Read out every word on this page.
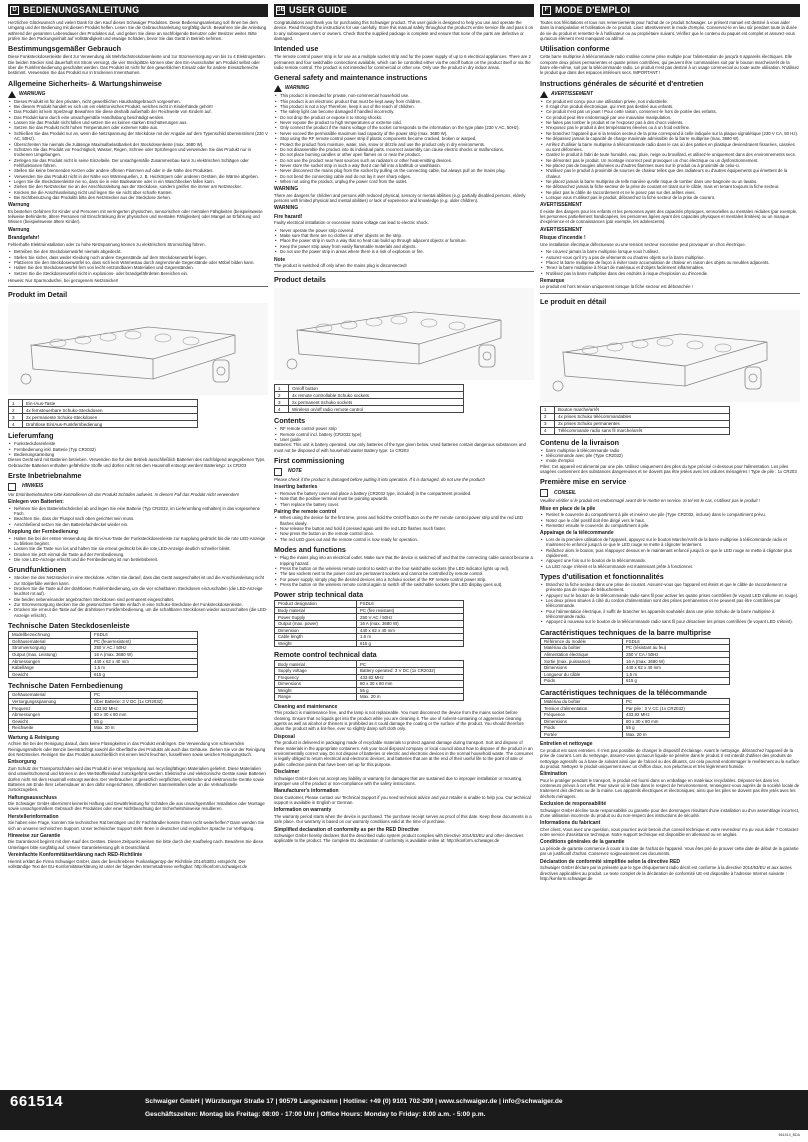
D BEDIENUNGSANLEITUNG

Herzlichen Glückwunsch und vielen Dank für den Kauf dieses Schwaiger Produktes. Diese Bedienungsanleitung soll Ihnen bei dem Umgang und der Bedienung mit diesem Produkt helfen. Lesen Sie die Gebrauchsanleitung sorgfältig durch. Bewahren Sie die Anleitung während der gesamten Lebensdauer des Produktes auf, und geben Sie diese an nachfolgende Benutzer oder Besitzer weiter. Bitte prüfen Sie den Packungsinhalt auf Vollständigkeit und etwaige Schäden, bevor Sie das Gerät in Betrieb nehmen.

Bestimmungsgemäßer Gebrauch

Diese Funksteckdosenleiste dient zur Verwendung als Mehrfachsteckdosenleiste und zur Stromversorgung von bis zu 4 Elektrogeräten. Die beiden Stecker sind dauerhaft mit Strom versorgt, die vier Steckplätze können über den Ein-/Ausschalter am Produkt selbst oder über die Funkfernbedienung geschaltet werden. Das Produkt ist nicht für den gewerblichen Einsatz oder für andere Einsatzbereiche bestimmt. Verwenden Sie das Produkt nur in trockenen Innenräumen.

Allgemeine Sicherheits- & Wartungshinweise
WARNUNG
• Dieses Produkt ist für den privaten, nicht gewerblichen Haushaltsgebrauch vorgesehen.
• Bei diesem Produkt handelt es sich um ein elektronisches Produkt, welches nicht in Kinderhände gehört!
• Das Produkt ist kein Spielzeug! Bewahren Sie diese deshalb außerhalb der Reichweite von Kindern auf.
• Das Produkt kann durch eine unsachgemäße Handhabung beschädigt werden.
• Lassen Sie das Produkt nicht fallen und setzen Sie es keinen starken Erschütterungen aus.
• Setzen Sie das Produkt nicht hohen Temperaturen oder extremer Kälte aus.
• Schließen Sie das Produkt nur an, wenn die Netzspannung der Steckdose mit der Angabe auf dem Typenschild übereinstimmt (230 V AC, 50Hz).
• Überschreiten Sie niemals die zulässige Maximalbelastbarkeit der Steckdosenleiste (max. 3680 W).
• Schützen Sie das Produkt vor Feuchtigkeit, Wasser, Regen, Schnee oder Sprühregen und verwenden Sie das Produkt nur in trockenen Umgebungen.
• Zerlegen Sie das Produkt nicht in seine Einzelteile. Der unsachgemäße Zusammenbau kann zu elektrischen Schlägen oder Fehlfunktionen führen.
• Stellen Sie keine brennenden Kerzen oder andere offenen Flammen auf oder in die Nähe des Produktes.
• Verwenden Sie das Produkt nicht in der Nähe von Wärmequellen, z. B. Heizkörpern oder anderen Geräten, die Wärme abgeben.
• Legen Sie die Steckdosenleiste nie so, dass sie in eine Badewanne oder in ein Waschbecken fallen kann.
• Ziehen Sie den Netzstecker nie an der Anschlussleitung aus der Steckdose, sondern greifen Sie immer am Netzstecker.
• Knicken Sie die Anschlussleitung nicht und legen Sie sie nicht über scharfe Kanten.
• Bei Nichtbenutzung das Produkts bitte den Netzstecker aus der Steckdose ziehen.
Warnung

Es bestehen Gefahren für Kinder und Personen mit verringerten physischen, sensorischen oder mentalen Fähigkeiten (beispielsweise teilweise Behinderte, ältere Personen mit Einschränkung ihrer physischen und mentalen Fähigkeiten) oder Mangel an Erfahrung und Wissen (beispielsweise ältere Kinder).

Warnung
Brandgefahr!

Fehlerhafte Elektroinstallation oder zu hohe Netzspannung können zu elektrischem Stromschlag führen.

• Betreiben Sie den Steckdosenwürfel niemals abgedeckt.
• Stellen Sie sicher, dass weder Kleidung noch andere Gegenstände auf dem Steckdosenwürfel liegen.
• Platzieren Sie den Steckdosenwürfel so, dass sich kein Wärmestau durch angrenzende Gegenstände oder Möbel bilden kann.
• Halten Sie den Steckdosenwürfel fern von leicht entzündbaren Materialien und Gegenständen.
• Setzen Sie die Steckdosenwürfel nicht in explosions- oder brandgefährdeten Bereichen ein.

Hinweis: Nur Sparmodusfrei, bei gezogenem Netzstecker!

Produkt im Detail
1	Ein-/Aus-Taste
2	4x fernsteuerbare Schuko-Steckdosen
3	2x permanente Schuko-Steckdosen
4	Drahtlose Ein/Aus-Funkfernbedienung
Lieferumfang
• Funksteckdosenleiste
• Fernbedienung inkl. Batterie (Typ CR2032)
• Bedienungsanleitung

Dieses Gerät wird mit Batterien betrieben. Verwenden Sie für den Betrieb ausschließlich Batterien des nachfolgend angegebenen Typs. Gebrauchte Batterien enthalten gefährliche Stoffe und dürfen nicht mit dem Hausmüll entsorgt werden! Batterietyp: 1x CR203

Erste Inbetriebnahme
HINWEIS

Vor Erstinbetriebnahme bitte kontrollieren ob das Produkt Schäden aufweist. In diesem Fall das Produkt nicht verwenden!

Einlegen von Batterien:
• Nehmen Sie den Batteriefachdeckel ab und legen Sie eine Batterie (Typ CR2032, im Lieferumfang enthalten) in das vorgesehene Fach.
• Beachten Sie, dass der Pluspol nach oben gerichtet sein muss.
• Anschließend setzen Sie den Batteriefachdeckel wieder ein.
Kopplung der Fernbedienung
• Halten Sie bei der ersten Verwendung die Ein-/Aus-Taste der Funksteckdosenleiste zur Kopplung gedrückt bis die rote LED-Anzeige zu blinken beginnt.
• Lassen Sie die Taste nun los und halten Sie sie erneut gedrückt bis die rote LED-Anzeige deutlich schneller blinkt.
• Drücken Sie jetzt einmal die Taste auf der Fernbedienung.
• Die rote LED-Anzeige erlischt und die Fernbedienung ist nun betriebsbereit.
Grundfunktionen
• Stecken Sie den Netzstecker in eine Steckdose. Achten Sie darauf, dass das Gerät ausgeschaltet ist und die Anschlussleitung nicht zur Stolperfalle werden kann.
• Drücken Sie die Taste auf der drahtlosen Funkfernbedienung, um die vier schaltbaren Steckdosen einzuschalten (die LED-Anzeige leuchtet rot auf).
• Die beiden nebeneinander angebrachten Steckdosen sind permanent eingeschaltet.
• Zur Stromversorgung stecken Sie die gewünschten Geräte einfach in eine Schuko-Steckdose der Funksteckdosenleiste.
• Drücken Sie erneut die Taste auf der drahtlosen Funkfernbedienung, um die schaltbaren Steckdosen wieder auszuschalten (die LED-Anzeige erlischt).
Technische Daten Steckdosenleiste
Modellbezeichnung	FSDL6
Gehäusematerial	PC (feuerresistent)
Stromversorgung	250 V AC / 50Hz
Output (max. Leistung)	16 A (max. 3680 W)
Abmessungen	440 x 62 x 40 mm
Kabellänge	1,5 m
Gewicht	615 g
Technische Daten Fernbedienung
Gehäusematerial	PC
Versorgungsspannung	Über Batterie: 3 V DC (1x CR2032)
Frequenz	433,92 MHz
Abmessungen	80 x 30 x 80 mm
Gewicht	55 g
Reichweite	Max. 20 m
Wartung & Reinigung

Achten Sie bei der Reinigung darauf, dass keine Flüssigkeiten in das Produkt eindringen. Die Verwendung von scheuernden Reinigungsmitteln oder Benzin beeinträchtigt sowohl die Oberfläche des Produkts als auch das Gehäuse. Ziehen Sie vor der Reinigung den Netzstecker. Reinigen Sie das Produkt ausschließlich mit einem leicht feuchten, fusselfreien sowie weichen Reinigungstuch.

Entsorgung

Zum Schutz der Transportschäden wird das Produkt in einer Verpackung aus recyclingfähigen Materialien geliefert. Diese Materialien sind umweltschonend und können in den Wertstoffkreislauf zurückgeführt werden. Elektrische und elektronische Geräte sowie Batterien dürfen nicht mit dem Hausmüll entsorgt werden. Der Verbraucher ist gesetzlich verpflichtet, elektrische und elektronische Geräte sowie Batterien am Ende ihrer Lebensdauer an den dafür eingerichteten, öffentlichen Sammelstellen oder an die Verkaufsstelle zurückzugeben.

Haftungsausschluss

Die Schwaiger GmbH übernimmt keinerlei Haftung und Gewährleistung für Schäden die aus unsachgemäßer Installation oder Montage sowie unsachgemäßem Gebrauch des Produktes oder einer Nichtbeachtung der Sicherheitshinweise resultieren.

Herstellerinformation

Sie haben eine Frage, konnten Sie technischen Rat benötigen und Ihr Fachhändler konnte Ihnen nicht weiterhelfen? Dann wenden Sie sich an unseren technischen Support. Unser technischer Support steht Ihnen in deutscher und englischer Sprache zur Verfügung.

Hinweise zur Garantie

Die Garantiezeit beginnt mit dem Kauf des Gerätes. Diesen Zeitpunkt weisen Sie bitte durch den Kaufbeleg nach. Bewahren Sie diese Unterlagen bitte sorgfältig auf. Unsere Garantieleistung gilt in Deutschland.

Vereinfachte Konformitätserklärung nach RED-Richtlinie

Hiermit erklärt die Firma Schwaiger GmbH, dass der beschriebene Funkanlagentyp der Richtlinie 2014/53/EU entspricht. Der vollständige Text der EU-Konformitätserklärung ist unter der folgenden Internetadresse verfügbar: http://konform.schwaiger.de

GB USER GUIDE

Congratulations and thank you for purchasing this Schwaiger product. This user guide is designed to help you use and operate the device. Read through the instructions for use carefully. Store this manual safely throughout the product's entire service life and pass it on to any subsequent users or owners. Check that the supplied package is complete and ensure that none of the parts are defective or damaged.

Intended use

The remote control power strip is for use as a multiple socket strip and for the power supply of up to 6 electrical appliances. There are 2 permanent and four switchable connections available, which can be controlled either via the on/off button on the product itself or via the radio remote control. The product is not intended for commercial or other use. Only use the product in dry indoor areas.

General safety and maintenance instructions
WARNING
• This product is intended for private, non-commercial household use.
• This product is an electronic product that must be kept away from children.
• This product is not a toy! Therefore, keep it out of the reach of children.
• The safety light can become damaged if handled incorrectly.
• Do not drop the product or expose it to strong shocks.
• Never expose the product to high temperatures or extreme cold.
• Only connect the product if the mains voltage of the socket corresponds to the information on the type plate (230 V AC, 50Hz).
• Never exceed the permissible maximum load capacity of the power strip (max. 3680 W).
• Stop using the RF remote control power strip if plastic components become cracked, broken or warped.
• Protect the product from moisture, water, rain, snow or drizzle and use the product only in dry environments.
• Do not disassemble the product into its individual parts. Incorrect assembly can cause electric shocks or malfunctions.
• Do not place burning candles or other open flames on or near the product.
• Do not use the product near heat sources such as radiators or other heat-emitting devices.
• Never store the socket strip in such a way that it can fall into a bathtub or washbasin.
• Never disconnect the mains plug from the socket by pulling on the connecting cable, but always pull on the mains plug.
• Do not bend the connecting cable and do not lay it over sharp edges.
• When not using the product, unplug the power cord from the outlet.
WARNING

There are dangers for children and persons with reduced physical, sensory or mental abilities (e.g. partially disabled persons, elderly persons with limited physical and mental abilities) or lack of experience and knowledge (e.g. older children).

WARNING
Fire hazard!

Faulty electrical installation or excessive mains voltage can lead to electric shock.

• Never operate the power strip covered.
• Make sure that there are no clothes or other objects on the strip.
• Place the power strip in such a way that no heat can build up through adjacent objects or furniture.
• Keep the power strip away from easily flammable materials and objects.
• Do not use the power strip in areas where there is a risk of explosion or fire.
Note

The product is switched off only when the mains plug is disconnected!

Product details
1	On/off button
2	4x remote controllable Schuko sockets
3	2x permanent Schuko sockets
4	Wireless on/off radio remote control
Contents
• RF remote control power strip
• Remote control incl. battery (CR2032 type)
• User guide

Batteries: This unit is battery operated. Use only batteries of the type given below. Used batteries contain dangerous substances and must not be disposed of with household waste! Battery type: 1x CR203

First commissioning
NOTE

Please check if the product is damaged before putting it into operation. If it is damaged, do not use the product!

Inserting batteries
• Remove the battery cover and place a battery (CR2032 type, included) in the compartment provided.
• Note that the positive terminal must be pointing upwards.
• Then replace the battery cover.
Pairing the remote control
• When using the device for the first time, press and hold the On/Off button on the RF remote control power strip until the red LED flashes slowly.
• Now release the button and hold it pressed again until the red LED flashes much faster.
• Now press the button on the remote control once.
• The red LED goes out and the remote control is now ready for operation.
Modes and functions
• Plug the mains plug into an electrical outlet. Make sure that the device is switched off and that the connecting cable cannot become a tripping hazard.
• Press the button on the wireless remote control to switch on the four switchable sockets (the LED indicator lights up red).
• The two sockets next to the power cord are permanent sockets and cannot be controlled by remote control.
• For power supply, simply plug the desired devices into a Schuko socket of the RF remote control power strip.
• Press the button on the wireless remote control again to switch off the switchable sockets (the LED display goes out).
Power strip technical data
Product designation	FSDL6
Body material	PC (fire resistant)
Power Supply	250 V AC / 50Hz
Output (max. power)	16 A (max. 3680 W)
Dimension	440 x 62 x 40 mm
Cable length	1.5 m
Weight	615 g
Remote control technical data
Body material	PC
Supply voltage	Battery operated: 3 V DC (1x CR2032)
Frequency	433.92 MHz
Dimensions	80 x 30 x 80 mm
Weight	55 g
Range	Max. 20 m
Cleaning and maintenance

This product is maintenance free, and the lamp is not replaceable. You must disconnect the device from the mains socket before cleaning. Ensure that no liquids get into the product while you are cleaning it. The use of solvent-containing or aggressive cleaning agents as well as alcohol or thinners is prohibited as it could damage the coating or the surface of the product. You should therefore clean the product with a lint-free, ever so slightly damp soft cloth only.

Disposal

The product is delivered in packaging made of recyclable materials to protect against damage during transport. Sort and dispose of these materials in the appropriate containers. Ask your local disposal company or local council about how to dispose of the product in an environmentally correct way. Do not dispose of batteries or electric and electronic devices in the normal household waste. The consumer is legally obliged to return electrical and electronic devices, and batteries that are at the end of their useful life to the point of sale or public collection points that have been set up for this purpose.

Disclaimer

Schwaiger GmbH does not accept any liability or warranty for damages that are sustained due to improper installation or mounting, improper use of the product or non-compliance with the safety instructions.

Manufacturer's information

Dear Customer, Please contact our Technical Support if you need technical advice and your retailer is unable to help you. Our technical support is available in English or German.

Information on warranty

The warranty period starts when the device is purchased. The purchase receipt serves as proof of this date. Keep these documents in a safe place. Our warranty is based on our warranty conditions valid at the time of purchase.

Simplified declaration of conformity as per the RED Directive

Schwaiger GmbH hereby declares that the described radio system product complies with Directive 2014/53/EU and other directives applicable to the product. The complete EU declaration of conformity is available online at: http://konform.schwaiger.de

F MODE D'EMPLOI

Toutes nos félicitations et tous nos remerciements pour l'achat de ce produit Schwaiger. Le présent manuel est destiné à vous aider dans la manipulation et l'utilisation de ce produit. Lisez attentivement le mode d'emploi. Conservez-le en lieu sûr pendant toute la durée de vie du produit et remettez-le à l'utilisateur ou au propriétaire suivant. Vérifiez que le contenu du paquet est complet et assurez-vous qu'aucun élément n'est manquant ou abîmé.

Utilisation conforme

Cette barre multiprise à télécommande radio s'utilise comme prise multiple pour l'alimentation de jusqu'à 6 appareils électriques. Elle comporte deux prises permanentes et quatre prises contrôlées, qui peuvent être commandées soit par le bouton marche/arrêt de la barre elle-même, soit par la télécommande radio. Le produit n'est pas destiné à un usage commercial ou toute autre utilisation. N'utilisez le produit que dans des espaces intérieurs secs. IMPORTANT !

Instructions générales de sécurité et d'entretien
AVERTISSEMENT
• Ce produit est conçu pour une utilisation privée, non industrielle.
• Il s'agit d'un produit électronique, qui n'est pas destiné aux enfants.
• Ce produit n'est pas un jouet ! Pour cette raison, conservez-le hors de portée des enfants.
• Ce produit peut être endommagé par une mauvaise manipulation.
• Ne faites pas tomber le produit et ne l'exposez pas à des chocs violents.
• N'exposez pas le produit à des températures élevées ou à un froid extrême.
• Ne branchez l'appareil que si la tension secteur de la prise correspond à celle indiquée sur la plaque signalétique (230 V CA, 50 Hz).
• Ne dépassez jamais la capacité de charge maximale admissible de la barre multiprise (max. 3680 W).
• Arrêtez d'utiliser la barre multiprise à télécommande radio dans le cas où des parties en plastique deviendraient fissurées, cassées ou sont déformées.
• Gardez le produit à l'abri de toute humidité, eau, pluie, neige ou brouillard, et utilisez-le uniquement dans des environnements secs.
• Ne démontez pas le produit. Un montage incorrect peut provoquer un choc électrique ou un dysfonctionnement.
• Ne placez pas de bougies allumées ou d'autres flammes nues sur le produit ou à proximité de celui-ci.
• N'utilisez pas le produit à proximité de sources de chaleur telles que des radiateurs ou d'autres équipements qui émettent de la chaleur.
• Ne placez jamais la barre multiprise de telle manière qu'elle risque de tomber dans une baignoire ou un lavabo.
• Ne débranchez jamais la fiche secteur de la prise de courant en tirant sur le câble, mais en tenant toujours la fiche secteur.
• Ne pliez pas le câble de raccordement et ne le posez pas sur des arêtes vives.
• Lorsque vous n'utilisez pas le produit, débranchez la fiche secteur de la prise de courant.
AVERTISSEMENT

Il existe des dangers pour les enfants et les personnes ayant des capacités physiques, sensorielles ou mentales réduites (par exemple, les personnes partiellement handicapées, les personnes âgées ayant des capacités physiques et mentales limitées) ou un manque d'expérience et de connaissances (par exemple, les adolescents).

AVERTISSEMENT
Risque d'incendie !

Une installation électrique défectueuse ou une tension secteur excessive peut provoquer un choc électrique.

• Ne couvrez jamais la barre multiprise lorsque vous l'utilisez.
• Assurez-vous qu'il n'y a pas de vêtements ou d'autres objets sur la barre multiprise.
• Placez la barre multiprise de façon à éviter toute accumulation de chaleur en raison des objets ou meubles adjacents.
• Tenez la barre multiprise à l'écart de matériaux et d'objets facilement inflammables.
• N'utilisez pas la barre multiprise dans des endroits à risque d'explosion ou d'incendie.
Remarque

Le produit est hors tension uniquement lorsque la fiche secteur est débranchée !

Le produit en détail
1	Bouton marche/arrêt
2	4x prises Schuko télécommandables
3	2x prises Schuko permanentes
4	Télécommande radio sans fil marche/arrêt
Contenu de la livraison
• barre multiprise à télécommande radio
• télécommande avec pile (Type CR2032)
• mode d'emploi

Piles: Cet appareil est alimenté par une pile. Utilisez uniquement des piles du type précisé ci-dessous pour l'alimentation. Les piles usagées contiennent des substances dangereuses et ne doivent pas être jetées avec les ordures ménagères ! Type de pile : 1x CR203

Première mise en service
CONSEIL

Veuillez vérifier si le produit est endommagé avant de le mettre en service. Si tel est le cas, n'utilisez pas le produit !

Mise en place de la pile
• Retirez le couvercle du compartiment à pile et insérez une pile (Type CR2032, incluse) dans le compartiment prévu.
• Notez que le côté positif doit être dirigé vers le haut.
• Remettez ensuite le couvercle du compartiment à pile.
Appairage de la télécommande
• Lors de la première utilisation de l'appareil, appuyez sur le bouton Marche/Arrêt de la barre multiprise à télécommande radio et maintenez-le enfoncé jusqu'à ce que le LED rouge se mette à clignoter lentement.
• Relâchez alors le bouton, puis réappuyez dessus en le maintenant enfoncé jusqu'à ce que le LED rouge se mette à clignoter plus rapidement.
• Appuyez une fois sur le bouton de la télécommande.
• La LED rouge s'éteint et la télécommande est maintenant prête à fonctionner.
Types d'utilisation et fonctionnalités
• Branchez la fiche secteur dans une prise de courant. Assurez-vous que l'appareil est éteint et que le câble de raccordement ne présente pas de risque de trébuchement.
• Appuyez sur le bouton de la télécommande radio sans fil pour activer les quatre prises contrôlées (le voyant LED s'allume en rouge).
• Les deux prises situées à côté du cordon d'alimentation sont des prises permanentes et ne peuvent pas être contrôlées par télécommande.
• Pour l'alimentation électrique, il suffit de brancher les appareils souhaités dans une prise Schuko de la barre multiprise à télécommande radio.
• Appuyez à nouveau sur le bouton de la télécommande radio sans fil pour désactiver les prises contrôlées (le voyant LED s'éteint).
Caractéristiques techniques de la barre multiprise
Référence du modèle	FSDL6
Matériau du boîtier	PC (résistant au feu)
Alimentation électrique	250 V CA / 50Hz
Sortie (max. puissance)	16 A (max. 3680 W)
Dimensions	440 x 62 x 40 mm
Longueur du câble	1,5 m
Poids	615 g
Caractéristiques techniques de la télécommande
Matériau du boîtier	PC
Tension d'alimentation	Par pile : 3 V CC (1x CR2032)
Fréquence	433,92 MHz
Dimensions	80 x 30 x 80 mm
Poids	55 g
Portée	Max. 20 m
Entretien et nettoyage

Ce produit est sans entretien. Il n'est pas possible de changer le dispositif d'éclairage. Avant le nettoyage, débranchez l'appareil de la prise de courant. Lors du nettoyage, assurez-vous qu'aucun liquide ne pénètre dans le produit. Il est interdit d'utiliser des produits de nettoyage agressifs ou à base de solvant ainsi que de l'alcool ou des diluants, car cela pourrait endommager le revêtement ou la surface du produit. Nettoyez le produit uniquement avec un chiffon doux, non pelucheux et très légèrement humide.

Élimination

Pour le protéger pendant le transport, le produit est fourni dans un emballage en matériaux recyclables. Déposez-les dans les conteneurs prévus à cet effet. Pour savoir où le faire dans le respect de l'environnement, renseignez-vous auprès de la société locale de traitement des déchets ou de la mairie. Les appareils électriques et électroniques, ainsi que les piles ne doivent pas être jetés avec les déchets ménagers.

Exclusion de responsabilité

Schwaiger GmbH décline toute responsabilité ou garantie pour des dommages résultant d'une installation ou d'un assemblage incorrect, d'une utilisation incorrecte du produit ou du non-respect des instructions de sécurité.

Informations du fabricant

Cher client, Vous avez une question, vous pourriez avoir besoin d'un conseil technique et votre revendeur n'a pu vous aider ? Contactez notre service d'assistance technique. Notre support technique est disponible en allemand ou en anglais.

Conditions générales de la garantie

La période de garantie commence à courir à la date de l'achat de l'appareil. Vous êtes prié de prouver cette date de début de la garantie par un justificatif d'achat. Conservez soigneusement ces documents.

Déclaration de conformité simplifiée selon la directive RED

Schwaiger GmbH déclare par la présente que le type d'équipement radio décrit est conforme à la directive 2014/53/EU et aux autres directives applicables au produit. Le texte complet de la déclaration de conformité UE est disponible à l'adresse Internet suivante : http://konform.schwaiger.de

661514	Schwaiger GmbH | Würzburger Straße 17 | 90579 Langenzenn | Hotline: +49 (0) 9101 702-299 | www.schwaiger.de | info@schwaiger.de
Geschäftszeiten: Montag bis Freitag: 08:00 - 17:00 Uhr | Office Hours: Monday to Friday: 8:00 a.m. - 5:00 p.m.
661514_BDA
